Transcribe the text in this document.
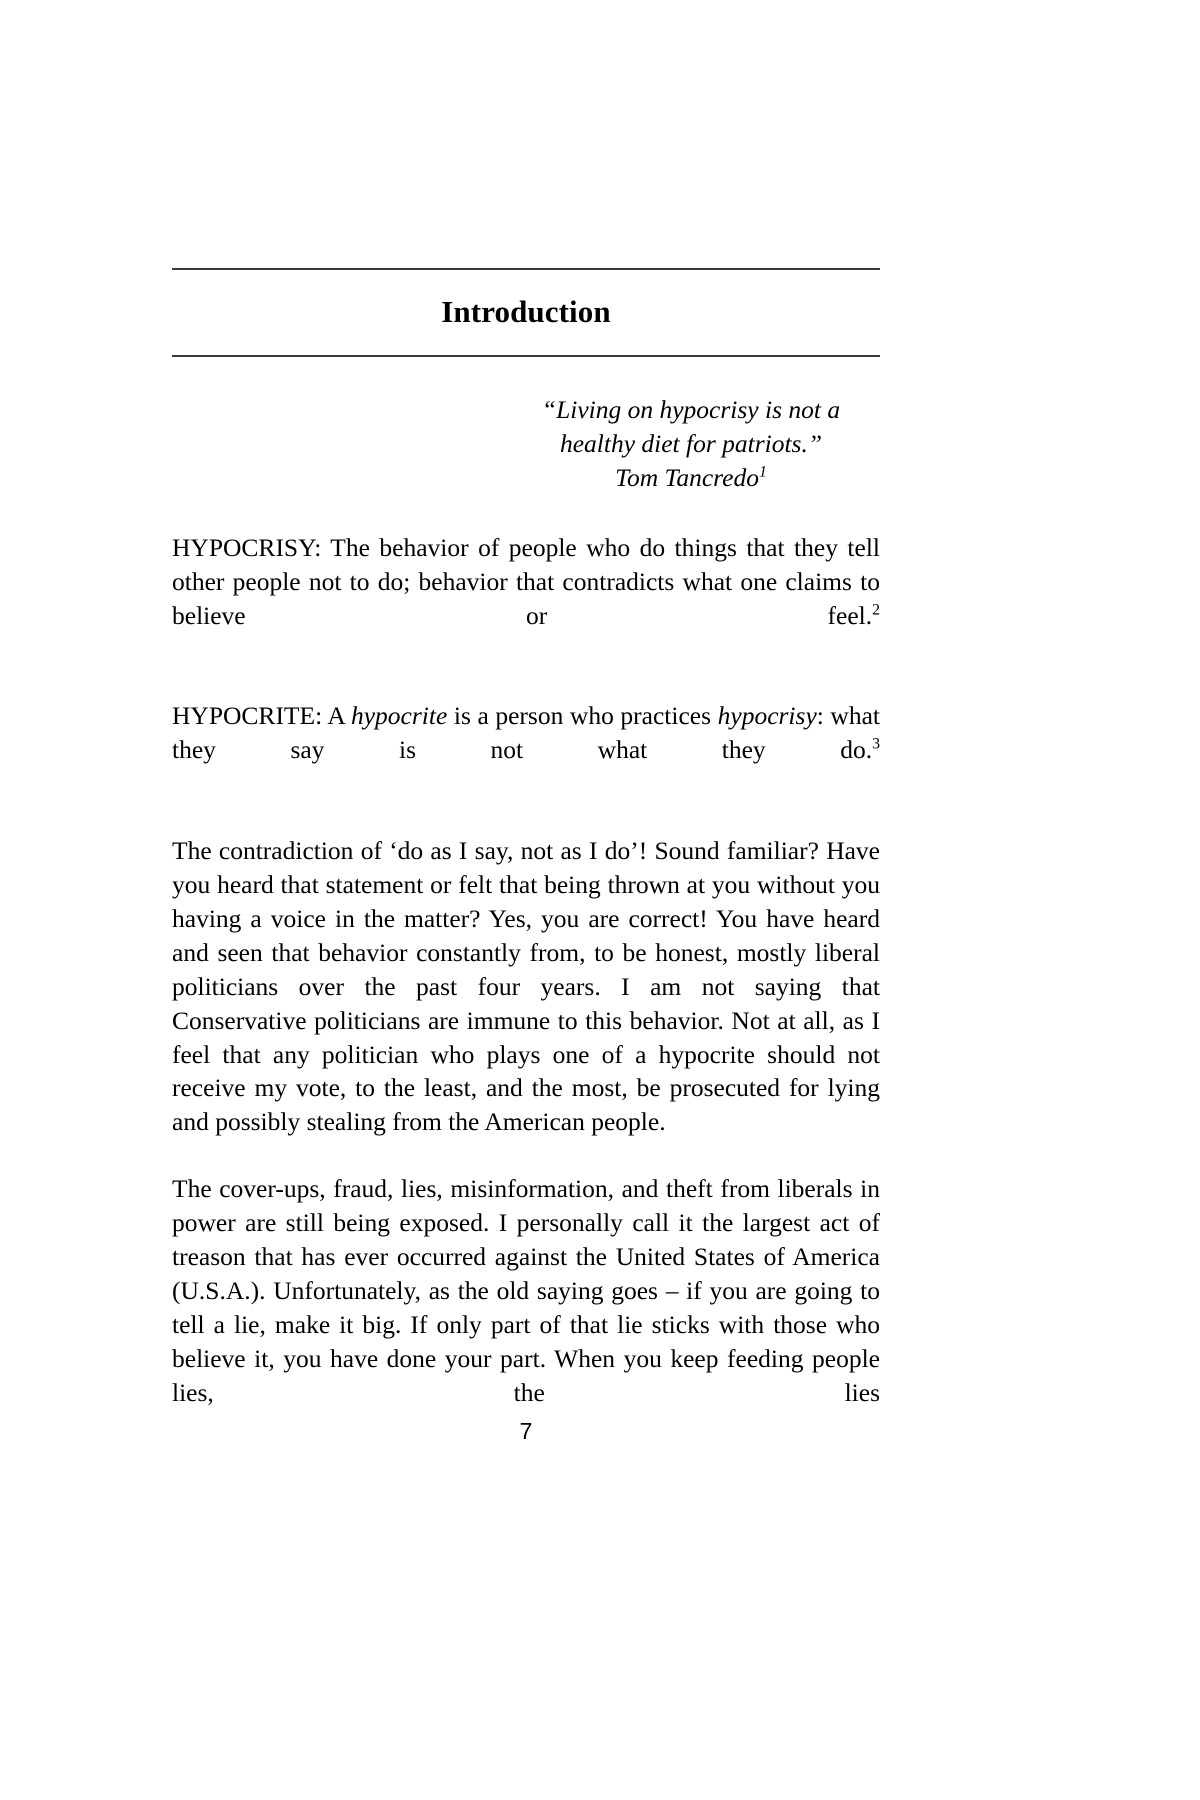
Introduction
“Living on hypocrisy is not a
healthy diet for patriots.”
Tom Tancredo$^1$

HYPOCRISY: The behavior of people who do things that they tell other people not to do; behavior that contradicts what one claims to believe or feel.$^2$

HYPOCRITE: A hypocrite is a person who practices hypocrisy: what they say is not what they do.$^3$

The contradiction of ‘do as I say, not as I do’! Sound familiar? Have you heard that statement or felt that being thrown at you without you having a voice in the matter? Yes, you are correct! You have heard and seen that behavior constantly from, to be honest, mostly liberal politicians over the past four years. I am not saying that Conservative politicians are immune to this behavior. Not at all, as I feel that any politician who plays one of a hypocrite should not receive my vote, to the least, and the most, be prosecuted for lying and possibly stealing from the American people.

The cover-ups, fraud, lies, misinformation, and theft from liberals in power are still being exposed. I personally call it the largest act of treason that has ever occurred against the United States of America (U.S.A.). Unfortunately, as the old saying goes – if you are going to tell a lie, make it big. If only part of that lie sticks with those who believe it, you have done your part. When you keep feeding people lies, the lies

7
